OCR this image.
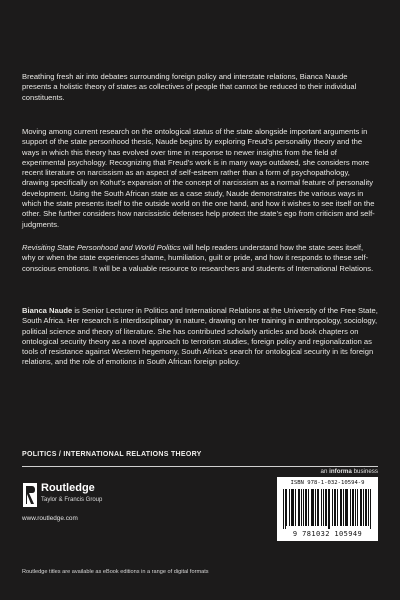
Breathing fresh air into debates surrounding foreign policy and interstate relations, Bianca Naude presents a holistic theory of states as collectives of people that cannot be reduced to their individual constituents.

Moving among current research on the ontological status of the state alongside important arguments in support of the state personhood thesis, Naude begins by exploring Freud’s personality theory and the ways in which this theory has evolved over time in response to newer insights from the field of experimental psychology. Recognizing that Freud’s work is in many ways outdated, she considers more recent literature on narcissism as an aspect of self-esteem rather than a form of psychopathology, drawing specifically on Kohut’s expansion of the concept of narcissism as a normal feature of personality development. Using the South African state as a case study, Naude demonstrates the various ways in which the state presents itself to the outside world on the one hand, and how it wishes to see itself on the other. She further considers how narcissistic defenses help protect the state’s ego from criticism and self-judgments.

Revisiting State Personhood and World Politics will help readers understand how the state sees itself, why or when the state experiences shame, humiliation, guilt or pride, and how it responds to these self-conscious emotions. It will be a valuable resource to researchers and students of International Relations.

Bianca Naude is Senior Lecturer in Politics and International Relations at the University of the Free State, South Africa. Her research is interdisciplinary in nature, drawing on her training in anthropology, sociology, political science and theory of literature. She has contributed scholarly articles and book chapters on ontological security theory as a novel approach to terrorism studies, foreign policy and regionalization as tools of resistance against Western hegemony, South Africa’s search for ontological security in its foreign relations, and the role of emotions in South African foreign policy.

POLITICS / INTERNATIONAL RELATIONS THEORY
an informa business
Routledge
Taylor & Francis Group
www.routledge.com
ISBN 978-1-032-10594-9
9 781032 105949
Routledge titles are available as eBook editions in a range of digital formats
